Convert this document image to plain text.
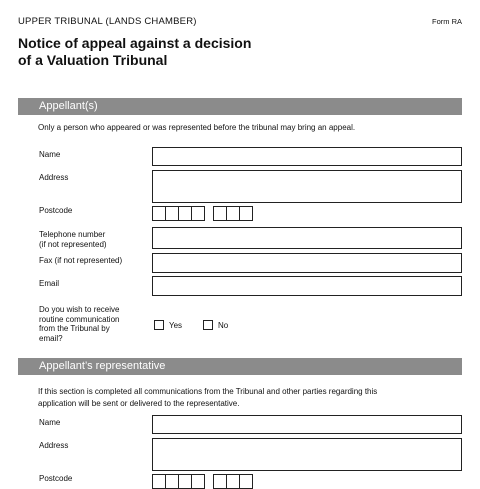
UPPER TRIBUNAL (LANDS CHAMBER)	Form RA
Notice of appeal against a decision
of a Valuation Tribunal
Appellant(s)
Only a person who appeared or was represented before the tribunal may bring an appeal.
Name
Address
Postcode
Telephone number
(if not represented)
Fax (if not represented)
Email
Do you wish to receive
routine communication
from the Tribunal by
email?
Yes	No
Appellant’s representative
If this section is completed all communications from the Tribunal and other parties regarding this
application will be sent or delivered to the representative.
Name
Address
Postcode
